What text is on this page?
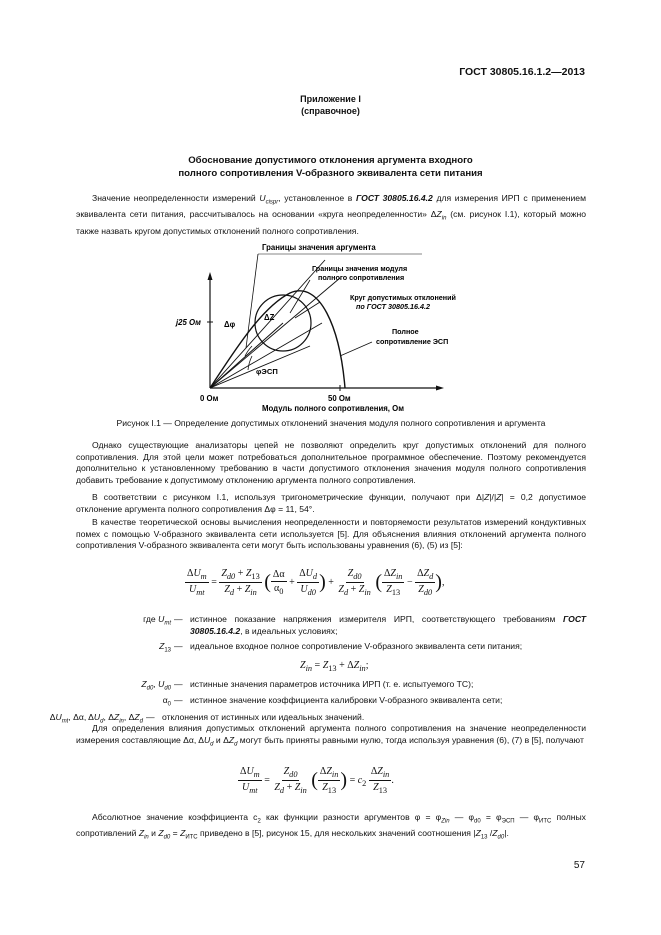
ГОСТ 30805.16.1.2—2013
Приложение I
(справочное)
Обоснование допустимого отклонения аргумента входного
полного сопротивления V-образного эквивалента сети питания
Значение неопределенности измерений $U_{cispr}$, установленное в ГОСТ 30805.16.4.2 для измерения ИРП с применением эквивалента сети питания, рассчитывалось на основании «круга неопределенности» $\Delta Z_{in}$ (см. рисунок I.1), который можно также назвать кругом допустимых отклонений полного сопротивления.
Границы значения аргумента
Границы значения модуля
полного сопротивления
Круг допустимых отклонений
по ГОСТ 30805.16.4.2
Полное
сопротивление ЭСП
j25 Ом	Δφ
ΔZ
φЭСП
0 Ом	50 Ом
Модуль полного сопротивления, Ом
Рисунок I.1 — Определение допустимых отклонений значения модуля полного сопротивления и аргумента
Однако существующие анализаторы цепей не позволяют определить круг допустимых отклонений для полного сопротивления. Для этой цели может потребоваться дополнительное программное обеспечение. Поэтому рекомендуется дополнительно к установленному требованию в части допустимого отклонения значения модуля полного сопротивления добавить требование к допустимому отклонению аргумента полного сопротивления.
В соответствии с рисунком I.1, используя тригонометрические функции, получают при Δ|Z|/|Z| = 0,2 допустимое отклонение аргумента полного сопротивления Δφ = 11, 54°.
В качестве теоретической основы вычисления неопределенности и повторяемости результатов измерений кондуктивных помех с помощью V-образного эквивалента сети используется [5]. Для объяснения влияния отклонений аргумента полного сопротивления V-образного эквивалента сети могут быть использованы уравнения (6), (5) из [5]:
$\frac{\Delta U_m}{U_{mt}} = \frac{Z_{d0} + Z_{13}}{Z_d + Z_{in}}$ ( $\frac{\Delta\alpha}{\alpha_0} + \frac{\Delta U_d}{U_{d0}}$ ) + $\frac{Z_{d0}}{Z_d + Z_{in}}$ ( $\frac{\Delta Z_{in}}{Z_{13}} - \frac{\Delta Z_d}{Z_{d0}}$ ),
где $U_{mt}$ — истинное показание напряжения измерителя ИРП, соответствующего требованиям ГОСТ 30805.16.4.2, в идеальных условиях;
$Z_{13}$ — идеальное входное полное сопротивление V-образного эквивалента сети питания;
$Z_{in} = Z_{13} + \Delta Z_{in}$;
$Z_{d0}$, $U_{d0}$ — истинные значения параметров источника ИРП (т. е. испытуемого ТС);
$\alpha_0$ — истинное значение коэффициента калибровки V-образного эквивалента сети;
$\Delta U_{mt}$, Δα, $\Delta U_d$, $\Delta Z_{in}$, $\Delta Z_d$ — отклонения от истинных или идеальных значений.
Для определения влияния допустимых отклонений аргумента полного сопротивления на значение неопределенности измерения составляющие Δα, $\Delta U_d$ и $\Delta Z_d$ могут быть приняты равными нулю, тогда используя уравнения (6), (7) в [5], получают
$\frac{\Delta U_m}{U_{mt}} = \frac{Z_{d0}}{Z_d + Z_{in}}$ ( $\frac{\Delta Z_{in}}{Z_{13}}$ ) = $c_2 \frac{\Delta Z_{in}}{Z_{13}}$ .
Абсолютное значение коэффициента $c_2$ как функции разности аргументов $\varphi = \varphi_{Zin}$ — $\varphi_{d0} = \varphi_{ЭСП}$ — $\varphi_{ИТС}$ полных сопротивлений $Z_{in}$ и $Z_{d0} = Z_{ИТС}$ приведено в [5], рисунок 15, для нескольких значений соотношения $|Z_{13}$ $/Z_{d0}|$.
57
